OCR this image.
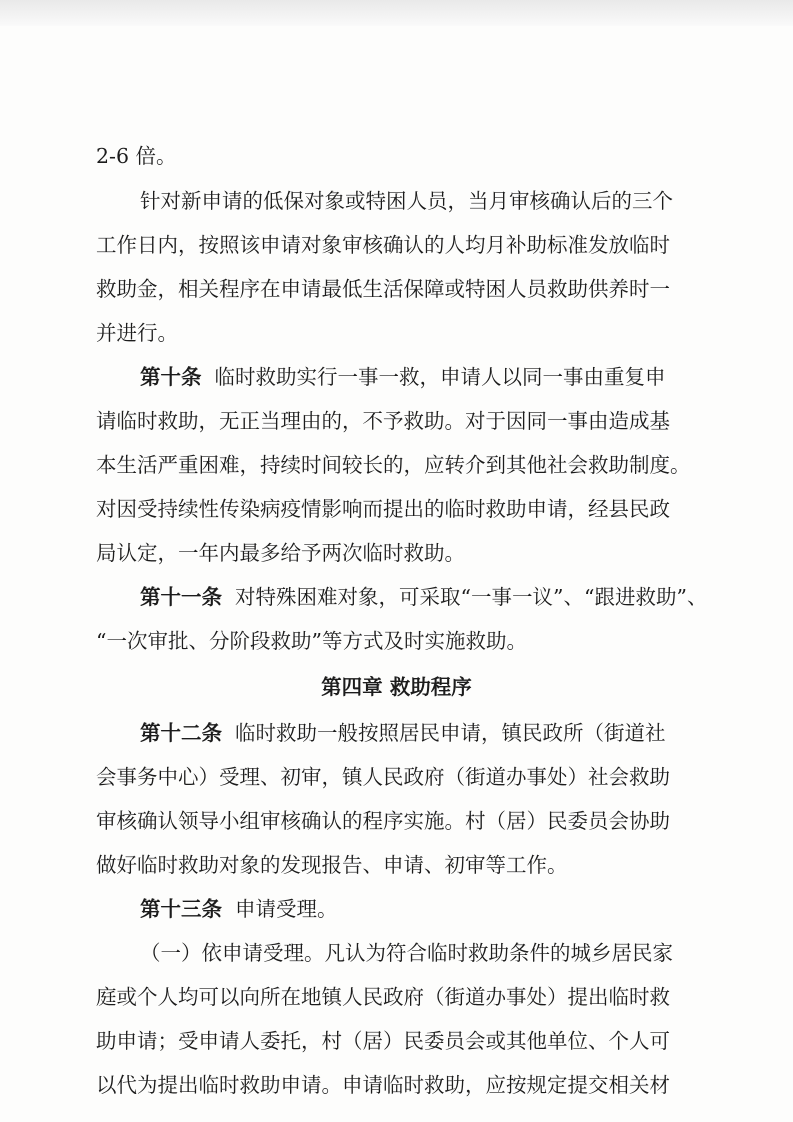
2-6 倍。
针对新申请的低保对象或特困人员，当月审核确认后的三个
工作日内，按照该申请对象审核确认的人均月补助标准发放临时
救助金，相关程序在申请最低生活保障或特困人员救助供养时一
并进行。
第十条 临时救助实行一事一救，申请人以同一事由重复申
请临时救助，无正当理由的，不予救助。对于因同一事由造成基
本生活严重困难，持续时间较长的，应转介到其他社会救助制度。
对因受持续性传染病疫情影响而提出的临时救助申请，经县民政
局认定，一年内最多给予两次临时救助。
第十一条 对特殊困难对象，可采取“一事一议”、“跟进救助”、
“一次审批、分阶段救助”等方式及时实施救助。
第四章 救助程序
第十二条 临时救助一般按照居民申请，镇民政所（街道社
会事务中心）受理、初审，镇人民政府（街道办事处）社会救助
审核确认领导小组审核确认的程序实施。村（居）民委员会协助
做好临时救助对象的发现报告、申请、初审等工作。
第十三条 申请受理。
（一）依申请受理。凡认为符合临时救助条件的城乡居民家
庭或个人均可以向所在地镇人民政府（街道办事处）提出临时救
助申请；受申请人委托，村（居）民委员会或其他单位、个人可
以代为提出临时救助申请。申请临时救助，应按规定提交相关材
